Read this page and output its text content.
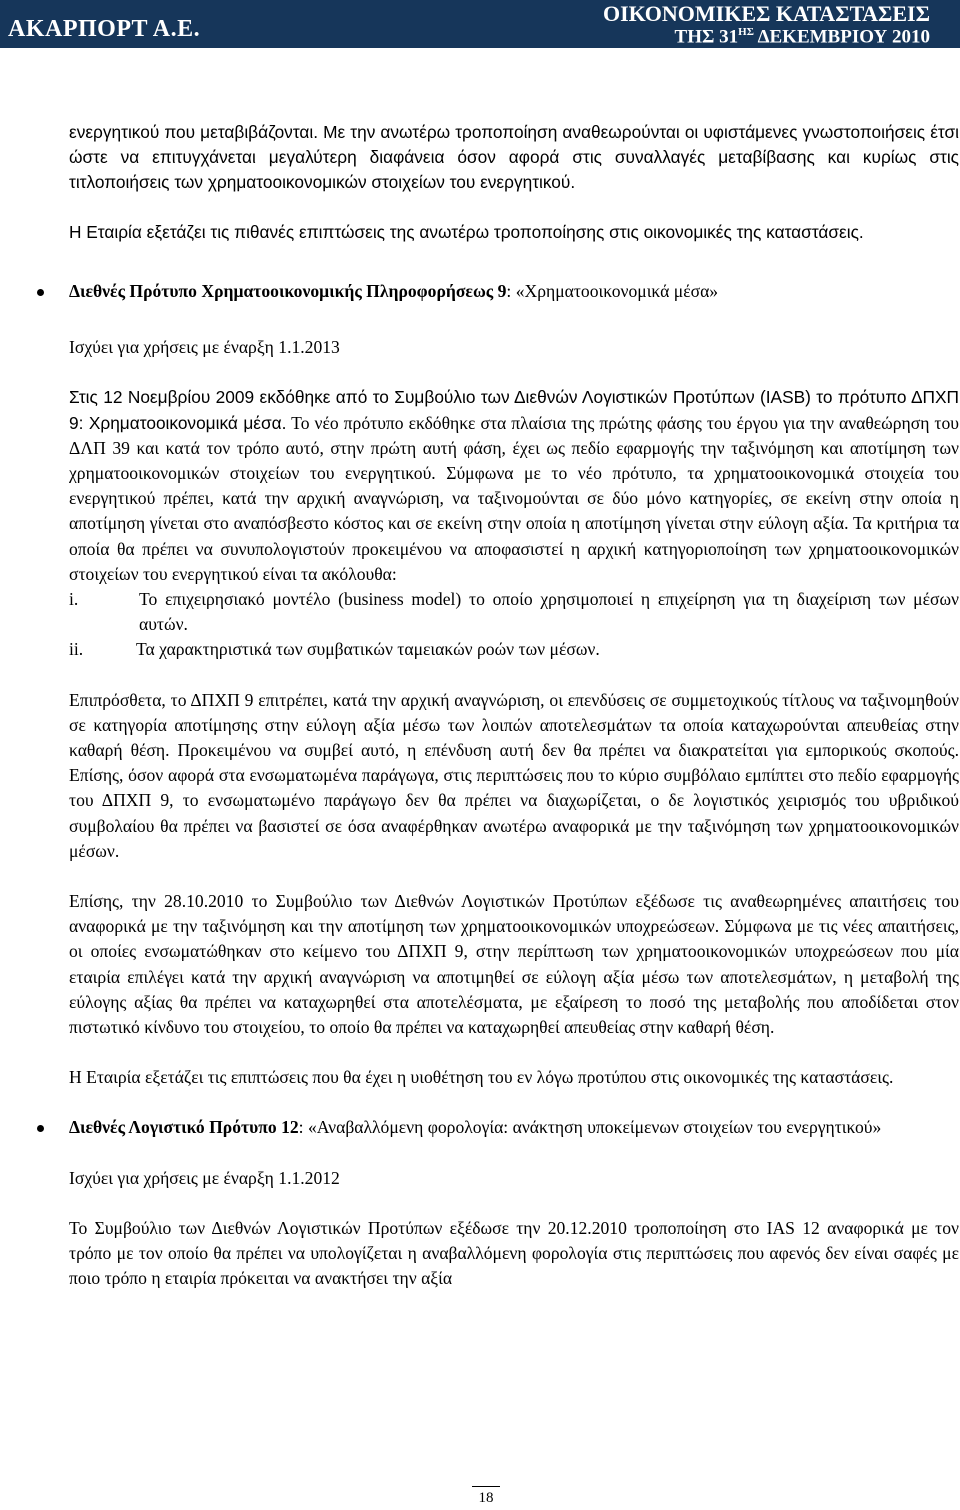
ΑΚΑΡΠΟΡΤ Α.Ε.
ΟΙΚΟΝΟΜΙΚΕΣ ΚΑΤΑΣΤΑΣΕΙΣ
ΤΗΣ $31^{H\Sigma}$ ΔΕΚΕΜΒΡΙΟΥ 2010

ενεργητικού που μεταβιβάζονται. Με την ανωτέρω τροποποίηση αναθεωρούνται οι υφιστάμενες γνωστοποιήσεις έτσι ώστε να επιτυγχάνεται μεγαλύτερη διαφάνεια όσον αφορά στις συναλλαγές μεταβίβασης και κυρίως στις τιτλοποιήσεις των χρηματοοικονομικών στοιχείων του ενεργητικού.

Η Εταιρία εξετάζει τις πιθανές επιπτώσεις της ανωτέρω τροποποίησης στις οικονομικές της καταστάσεις.

Διεθνές Πρότυπο Χρηματοοικονομικής Πληροφορήσεως 9: «Χρηματοοικονομικά μέσα»

Ισχύει για χρήσεις με έναρξη 1.1.2013

Στις 12 Νοεμβρίου 2009 εκδόθηκε από το Συμβούλιο των Διεθνών Λογιστικών Προτύπων (IASB) το πρότυπο ΔΠΧΠ 9: Χρηματοοικονομικά μέσα. Το νέο πρότυπο εκδόθηκε στα πλαίσια της πρώτης φάσης του έργου για την αναθεώρηση του ΔΛΠ 39 και κατά τον τρόπο αυτό, στην πρώτη αυτή φάση, έχει ως πεδίο εφαρμογής την ταξινόμηση και αποτίμηση των χρηματοοικονομικών στοιχείων του ενεργητικού. Σύμφωνα με το νέο πρότυπο, τα χρηματοοικονομικά στοιχεία του ενεργητικού πρέπει, κατά την αρχική αναγνώριση, να ταξινομούνται σε δύο μόνο κατηγορίες, σε εκείνη στην οποία η αποτίμηση γίνεται στο αναπόσβεστο κόστος και σε εκείνη στην οποία η αποτίμηση γίνεται στην εύλογη αξία. Τα κριτήρια τα οποία θα πρέπει να συνυπολογιστούν προκειμένου να αποφασιστεί η αρχική κατηγοριοποίηση των χρηματοοικονομικών στοιχείων του ενεργητικού είναι τα ακόλουθα:

i.	Το επιχειρησιακό μοντέλο (business model) το οποίο χρησιμοποιεί η επιχείρηση για τη διαχείριση των μέσων αυτών.
ii.	Τα χαρακτηριστικά των συμβατικών ταμειακών ροών των μέσων.

Επιπρόσθετα, το ΔΠΧΠ 9 επιτρέπει, κατά την αρχική αναγνώριση, οι επενδύσεις σε συμμετοχικούς τίτλους να ταξινομηθούν σε κατηγορία αποτίμησης στην εύλογη αξία μέσω των λοιπών αποτελεσμάτων τα οποία καταχωρούνται απευθείας στην καθαρή θέση. Προκειμένου να συμβεί αυτό, η επένδυση αυτή δεν θα πρέπει να διακρατείται για εμπορικούς σκοπούς. Επίσης, όσον αφορά στα ενσωματωμένα παράγωγα, στις περιπτώσεις που το κύριο συμβόλαιο εμπίπτει στο πεδίο εφαρμογής του ΔΠΧΠ 9, το ενσωματωμένο παράγωγο δεν θα πρέπει να διαχωρίζεται, ο δε λογιστικός χειρισμός του υβριδικού συμβολαίου θα πρέπει να βασιστεί σε όσα αναφέρθηκαν ανωτέρω αναφορικά με την ταξινόμηση των χρηματοοικονομικών μέσων.

Επίσης, την 28.10.2010 το Συμβούλιο των Διεθνών Λογιστικών Προτύπων εξέδωσε τις αναθεωρημένες απαιτήσεις του αναφορικά με την ταξινόμηση και την αποτίμηση των χρηματοοικονομικών υποχρεώσεων. Σύμφωνα με τις νέες απαιτήσεις, οι οποίες ενσωματώθηκαν στο κείμενο του ΔΠΧΠ 9, στην περίπτωση των χρηματοοικονομικών υποχρεώσεων που μία εταιρία επιλέγει κατά την αρχική αναγνώριση να αποτιμηθεί σε εύλογη αξία μέσω των αποτελεσμάτων, η μεταβολή της εύλογης αξίας θα πρέπει να καταχωρηθεί στα αποτελέσματα, με εξαίρεση το ποσό της μεταβολής που αποδίδεται στον πιστωτικό κίνδυνο του στοιχείου, το οποίο θα πρέπει να καταχωρηθεί απευθείας στην καθαρή θέση.

Η Εταιρία εξετάζει τις επιπτώσεις που θα έχει η υιοθέτηση του εν λόγω προτύπου στις οικονομικές της καταστάσεις.

Διεθνές Λογιστικό Πρότυπο 12: «Αναβαλλόμενη φορολογία: ανάκτηση υποκείμενων στοιχείων του ενεργητικού»

Ισχύει για χρήσεις με έναρξη 1.1.2012

Το Συμβούλιο των Διεθνών Λογιστικών Προτύπων εξέδωσε την 20.12.2010 τροποποίηση στο IAS 12 αναφορικά με τον τρόπο με τον οποίο θα πρέπει να υπολογίζεται η αναβαλλόμενη φορολογία στις περιπτώσεις που αφενός δεν είναι σαφές με ποιο τρόπο η εταιρία πρόκειται να ανακτήσει την αξία

18
